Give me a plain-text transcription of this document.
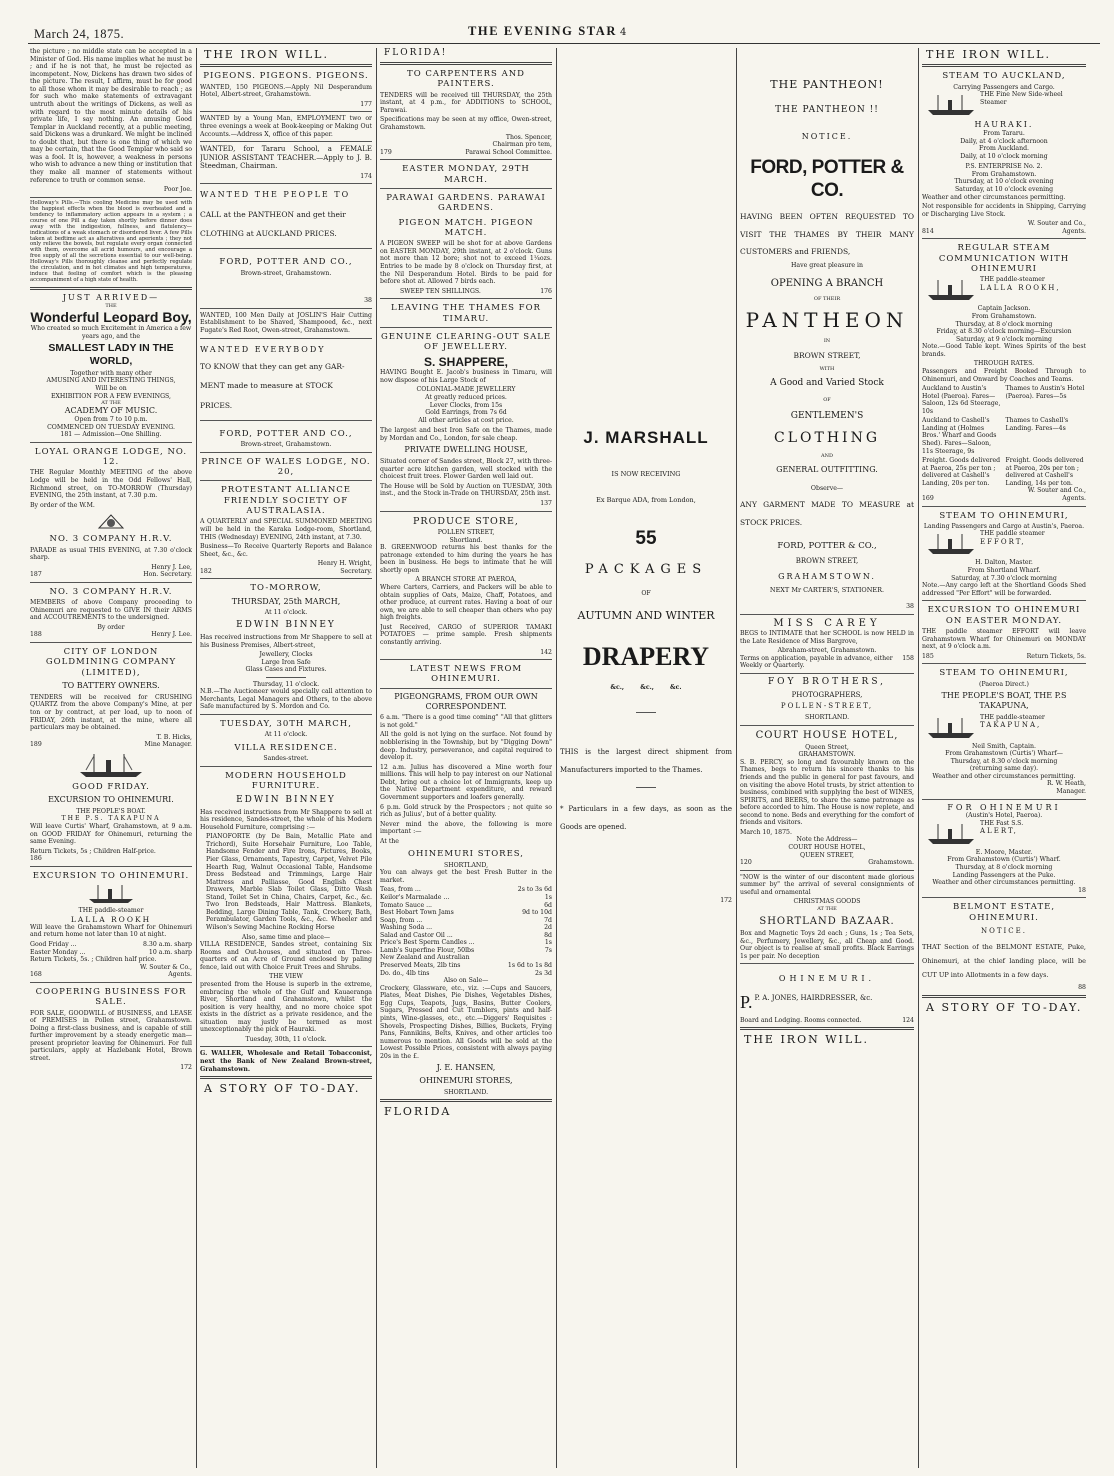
March 24, 1875.	THE EVENING STAR 4

the picture ; no middle state can be accepted in a Minister of God. His name implies what he must be ; and if he is not that, he must be rejected as incompetent. Now, Dickens has drawn two sides of the picture. The result, I affirm, must be for good to all those whom it may be desirable to reach ; as for such who make statements of extravagant untruth about the writings of Dickens, as well as with regard to the most minute details of his private life, I say nothing. An amusing Good Templar in Auckland recently, at a public meeting, said Dickens was a drunkard. We might be inclined to doubt that, but there is one thing of which we may be certain, that the Good Templar who said so was a fool. It is, however, a weakness in persons who wish to advance a new thing or institution that they make all manner of statements without reference to truth or common sense.

Poor Joe.

Holloway's Pills.—This cooling Medicine may be used with the happiest effects when the blood is overheated and a tendency to inflammatory action appears in a system ; a course of one Pill a day taken shortly before dinner does away with the indigestion, fullness, and flatulency—indications of a weak stomach or disordered liver. A few Pills taken at bedtime act as alteratives and aperients ; they not only relieve the bowels, but regulate every organ connected with them, overcome all acrid humours, and encourage a free supply of all the secretions essential to our well-being. Holloway's Pills thoroughly cleanse and perfectly regulate the circulation, and in hot climates and high temperatures, induce that feeling of comfort which is the pleasing accompaniment of a high state of health.

JUST ARRIVED—
THE
Wonderful Leopard Boy,
Who created so much Excitement in America a few years ago, and the
SMALLEST LADY IN THE WORLD,
Together with many other
AMUSING AND INTERESTING THINGS,
Will be on
EXHIBITION FOR A FEW EVENINGS,
AT THE
ACADEMY OF MUSIC.
Open from 7 to 10 p.m.
COMMENCED ON TUESDAY EVENING.
181 — Admission—One Shilling.
LOYAL ORANGE LODGE, NO. 12.

THE Regular Monthly MEETING of the above Lodge will be held in the Odd Fellows' Hall, Richmond street, on TO-MORROW (Thursday) EVENING, the 25th instant, at 7.30 p.m.

By order of the W.M.
NO. 3 COMPANY H.R.V.

PARADE as usual THIS EVENING, at 7.30 o'clock sharp.

Henry J. Lee,
187	Hon. Secretary.
NO. 3 COMPANY H.R.V.

MEMBERS of above Company proceeding to Ohinemuri are requested to GIVE IN their ARMS and ACCOUTREMENTS to the undersigned.

By order
188	Henry J. Lee.
CITY OF LONDON GOLDMINING COMPANY (LIMITED),
TO BATTERY OWNERS.

TENDERS will be received for CRUSHING QUARTZ from the above Company's Mine, at per ton or by contract, at per load, up to noon of FRIDAY, 26th instant, at the mine, where all particulars may be obtained.

T. B. Hicks,
189	Mine Manager.
GOOD FRIDAY.
EXCURSION TO OHINEMURI.
THE PEOPLE'S BOAT.
THE P.S. TAKAPUNA

Will leave Curtis' Wharf, Grahamstown, at 9 a.m. on GOOD FRIDAY for Ohinemuri, returning the same Evening.

Return Tickets, 5s ; Children Half-price.
186
EXCURSION TO OHINEMURI.
THE paddle-steamer
LALLA ROOKH

Will leave the Grahamstown Wharf for Ohinemuri and return home not later than 10 at night.

Good Friday ...	8.30 a.m. sharp
Easter Monday ...	10 a.m. sharp
Return Tickets, 5s. ; Children half price.
W. Souter & Co.,
168	Agents.
COOPERING BUSINESS FOR SALE.

FOR SALE, GOODWILL of BUSINESS, and LEASE of PREMISES in Pollen street, Grahamstown. Doing a first-class business, and is capable of still further improvement by a steady energetic man—present proprietor leaving for Ohinemuri. For full particulars, apply at Hazlebank Hotel, Brown street.

172
THE IRON WILL.
PIGEONS. PIGEONS. PIGEONS.

WANTED, 150 PIGEONS.—Apply Nil Desperandum Hotel, Albert-street, Grahamstown.

177

WANTED by a Young Man, EMPLOYMENT two or three evenings a week at Book-keeping or Making Out Accounts.—Address X, office of this paper.

WANTED, for Tararu School, a FEMALE JUNIOR ASSISTANT TEACHER.—Apply to J. B. Steedman, Chairman.

174
WANTED THE PEOPLE TO
CALL at the PANTHEON and get their
CLOTHING at AUCKLAND PRICES.
FORD, POTTER AND CO.,
Brown-street, Grahamstown.
38

WANTED, 100 Men Daily at JOSLIN'S Hair Cutting Establishment to be Shaved, Shampooed, &c., next Fugate's Red Root, Owen-street, Grahamstown.

WANTED EVERYBODY
TO KNOW that they can get any GAR-
MENT made to measure at STOCK
PRICES.
FORD, POTTER AND CO.,
Brown-street, Grahamstown.
PRINCE OF WALES LODGE, NO. 20,
PROTESTANT ALLIANCE FRIENDLY SOCIETY OF AUSTRALASIA.

A QUARTERLY and SPECIAL SUMMONED MEETING will be held in the Karaka Lodge-room, Shortland, THIS (Wednesday) EVENING, 24th instant, at 7.30.

Business—To Receive Quarterly Reports and Balance Sheet, &c., &c.

Henry H. Wright,
182	Secretary.
TO-MORROW,
THURSDAY, 25th MARCH,
At 11 o'clock.
EDWIN BINNEY

Has received instructions from Mr Shappere to sell at his Business Premises, Albert-street,

Jewellery, Clocks
Large Iron Safe
Glass Cases and Fixtures.
Thursday, 11 o'clock.

N.B.—The Auctioneer would specially call attention to Merchants, Legal Managers and Others, to the above Safe manufactured by S. Mordon and Co.

TUESDAY, 30TH MARCH,
At 11 o'clock.
VILLA RESIDENCE.
Sandes-street.
MODERN HOUSEHOLD FURNITURE.
EDWIN BINNEY

Has received instructions from Mr Shappere to sell at his residence, Sandes-street, the whole of his Modern Household Furniture, comprising :—

PIANOFORTE (by De Bain, Metallic Plate and Trichord), Suite Horsehair Furniture, Loo Table, Handsome Fender and Fire Irons, Pictures, Books, Pier Glass, Ornaments, Tapestry, Carpet, Velvet Pile Hearth Rug, Walnut Occasional Table, Handsome Dress Bedstead and Trimmings, Large Hair Mattress and Palliasse, Good English Chest Drawers, Marble Slab Toilet Glass, Ditto Wash Stand, Toilet Set in China, Chairs, Carpet, &c., &c. Two Iron Bedsteads, Hair Mattress. Blankets, Bedding, Large Dining Table, Tank, Crockery, Bath, Perambulator, Garden Tools, &c., &c. Wheeler and Wilson's Sewing Machine Rocking Horse

Also, same time and place—

VILLA RESIDENCE, Sandes street, containing Six Rooms and Out-houses, and situated on Three-quarters of an Acre of Ground enclosed by paling fence, laid out with Choice Fruit Trees and Shrubs.

THE VIEW

presented from the House is superb in the extreme, embracing the whole of the Gulf and Kauaeranga River, Shortland and Grahamstown, whilst the position is very healthy, and no more choice spot exists in the district as a private residence, and the situation may justly be termed as most unexceptionably the pick of Hauraki.

Tuesday, 30th, 11 o'clock.

G. WALLER, Wholesale and Retail Tobacconist, next the Bank of New Zealand Brown-street, Grahamstown.

A STORY OF TO-DAY.
FLORIDA!
TO CARPENTERS AND PAINTERS.

TENDERS will be received till THURSDAY, the 25th instant, at 4 p.m., for ADDITIONS to SCHOOL, Parawai.

Specifications may be seen at my office, Owen-street, Grahamstown.

Thos. Spencer,
Chairman pro tem,
179	Parawai School Committee.
EASTER MONDAY, 29TH MARCH.
PARAWAI GARDENS. PARAWAI GARDENS.
PIGEON MATCH. PIGEON MATCH.

A PIGEON SWEEP will be shot for at above Gardens on EASTER MONDAY, 29th instant, at 2 o'clock. Guns not more than 12 bore; shot not to exceed 1¼ozs. Entries to be made by 8 o'clock on Thursday first, at the Nil Desperandum Hotel. Birds to be paid for before shot at. Allowed 7 birds each.

SWEEP TEN SHILLINGS.	176
LEAVING THE THAMES FOR TIMARU.
GENUINE CLEARING-OUT SALE OF JEWELLERY.
S. SHAPPERE,

HAVING Bought E. Jacob's business in Timaru, will now dispose of his Large Stock of

COLONIAL-MADE JEWELLERY
At greatly reduced prices.
Lever Clocks, from 15s
Gold Earrings, from 7s 6d
All other articles at cost price.

The largest and best Iron Safe on the Thames, made by Mordan and Co., London, for sale cheap.

PRIVATE DWELLING HOUSE,

Situated corner of Sandes street, Block 27, with three-quarter acre kitchen garden, well stocked with the choicest fruit trees. Flower Garden well laid out.

The House will be Sold by Auction on TUESDAY, 30th inst., and the Stock in-Trade on THURSDAY, 25th inst.

137
PRODUCE STORE,
POLLEN STREET,
Shortland.

B. GREENWOOD returns his best thanks for the patronage extended to him during the years he has been in business. He begs to intimate that he will shortly open

A BRANCH STORE AT PAEROA,

Where Carters, Carriers, and Packers will be able to obtain supplies of Oats, Maize, Chaff, Potatoes, and other produce, at current rates. Having a boat of our own, we are able to sell cheaper than others who pay high freights.

Just Received, CARGO of SUPERIOR TAMAKI POTATOES — prime sample. Fresh shipments constantly arriving.

142
LATEST NEWS FROM OHINEMURI.
PIGEONGRAMS, FROM OUR OWN CORRESPONDENT.

6 a.m. "There is a good time coming" "All that glitters is not gold."

All the gold is not lying on the surface. Not found by nobblerising in the Township, but by "Digging Down" deep. Industry, perseverance, and capital required to develop it.

12 a.m. Julius has discovered a Mine worth four millions. This will help to pay interest on our National Debt, bring out a choice lot of Immigrants, keep up the Native Department expenditure, and reward Government supporters and loafers generally.

6 p.m. Gold struck by the Prospectors ; not quite so rich as Julius', but of a better quality.

Never mind the above, the following is more important :—

At the
OHINEMURI STORES,
SHORTLAND,

You can always get the best Fresh Butter in the market.

Teas, from ...	2s to 3s 6d
Keilor's Marmalade ...	1s
Tomato Sauce ...	6d
Best Hobart Town Jams	9d to 10d
Soap, from ...	7d
Washing Soda ...	2d
Salad and Castor Oil ...	8d
Price's Best Sperm Candles ...	1s
Lamb's Superfine Flour, 50lbs	7s
New Zealand and Australian
Preserved Meats, 2lb tins	1s 6d to 1s 8d
Do. do., 4lb tins	2s 3d
Also on Sale—

Crockery, Glassware, etc., viz. :—Cups and Saucers, Plates, Meat Dishes, Pie Dishes, Vegetables Dishes, Egg Cups, Teapots, Jugs, Basins, Butter Coolers, Sugars, Pressed and Cut Tumblers, pints and half-pints, Wine-glasses, etc., etc.—Diggers' Requisites : Shovels, Prospecting Dishes, Billies, Buckets, Frying Pans, Fannikins, Belts, Knives, and other articles too numerous to mention. All Goods will be sold at the Lowest Possible Prices, consistent with always paying 20s in the £.

J. E. HANSEN,
OHINEMURI STORES,
SHORTLAND.
FLORIDA
J. MARSHALL
IS NOW RECEIVING
Ex Barque ADA, from London,
55
PACKAGES
OF
AUTUMN AND WINTER
DRAPERY
&c., &c., &c.

THIS is the largest direct shipment from Manufacturers imported to the Thames.

* Particulars in a few days, as soon as the Goods are opened.

172
THE PANTHEON!
THE PANTHEON !!
NOTICE.
FORD, POTTER & CO.

HAVING BEEN OFTEN REQUESTED TO VISIT THE THAMES BY THEIR MANY CUSTOMERS and FRIENDS,

Have great pleasure in
OPENING A BRANCH
OF THEIR
PANTHEON
IN
BROWN STREET,
WITH
A Good and Varied Stock
OF
GENTLEMEN'S
CLOTHING
AND
GENERAL OUTFITTING.
Observe—

ANY GARMENT MADE TO MEASURE at STOCK PRICES.

FORD, POTTER & CO.,
BROWN STREET,
GRAHAMSTOWN.
NEXT Mr CARTER'S, STATIONER.
38
MISS CAREY

BEGS to INTIMATE that her SCHOOL is now HELD in the Late Residence of Miss Bargrove,

Abraham-street, Grahamstown.
Terms on application, payable in advance, either Weekly or Quarterly.
158
FOY BROTHERS,
PHOTOGRAPHERS,
POLLEN-STREET,
SHORTLAND.
COURT HOUSE HOTEL,
Queen Street,
GRAHAMSTOWN.

S. B. PERCY, so long and favourably known on the Thames, begs to return his sincere thanks to his friends and the public in general for past favours, and on visiting the above Hotel trusts, by strict attention to business, combined with supplying the best of WINES, SPIRITS, and BEERS, to share the same patronage as before accorded to him. The House is now replete, and second to none. Beds and everything for the comfort of friends and visitors.

March 10, 1875.
Note the Address—
COURT HOUSE HOTEL,
QUEEN STREET,
120	Grahamstown.

"NOW is the winter of our discontent made glorious summer by" the arrival of several consignments of useful and ornamental

CHRISTMAS GOODS
AT THE
SHORTLAND BAZAAR.

Box and Magnetic Toys 2d each ; Guns, 1s ; Tea Sets, &c., Perfumery, Jewellery, &c., all Cheap and Good. Our object is to realise at small profits. Black Earrings 1s per pair. No deception

OHINEMURI.
P. P. A. JONES, HAIRDRESSER, &c.
Board and Lodging. Rooms connected.	124
THE IRON WILL.
THE IRON WILL.
STEAM TO AUCKLAND,
Carrying Passengers and Cargo.
THE Fine New Side-wheel Steamer
HAURAKI.
From Tararu.
Daily, at 4 o'clock afternoon
From Auckland.
Daily, at 10 o'clock morning
P.S. ENTERPRISE No. 2.
From Grahamstown.
Thursday, at 10 o'clock evening
Saturday, at 10 o'clock evening

Weather and other circumstances permitting.

Not responsible for accidents in Shipping, Carrying or Discharging Live Stock.

W. Souter and Co.,
814	Agents.
REGULAR STEAM COMMUNICATION WITH OHINEMURI
THE paddle-steamer
LALLA ROOKH,
Captain Jackson.
From Grahamstown.
Thursday, at 8 o'clock morning
Friday, at 8.30 o'clock morning—Excursion
Saturday, at 9 o'clock morning

Note.—Good Table kept. Wines Spirits of the best brands.

THROUGH RATES.

Passengers and Freight Booked Through to Ohinemuri, and Onward by Coaches and Teams.

Auckland to Austin's Hotel (Paeroa). Fares—Saloon, 12s 6d Steerage, 10s
Thames to Austin's Hotel (Paeroa). Fares—5s
Auckland to Cashell's Landing at (Holmes Bros.' Wharf and Goods Shed). Fares—Saloon, 11s Steerage, 9s
Thames to Cashell's Landing. Fares—4s
Freight. Goods delivered at Paeroa, 25s per ton ; delivered at Cashell's Landing, 20s per ton.
Freight. Goods delivered at Paeroa, 20s per ton ; delivered at Cashell's Landing, 14s per ton.
W. Souter and Co.,
169	Agents.
STEAM TO OHINEMURI,
Landing Passengers and Cargo at Austin's, Paeroa.
THE paddle steamer
EFFORT,
H. Dalton, Master.
From Shortland Wharf.
Saturday, at 7.30 o'clock morning

Note.—Any cargo left at the Shortland Goods Shed addressed "Per Effort" will be forwarded.

EXCURSION TO OHINEMURI ON EASTER MONDAY.

THE paddle steamer EFFORT will leave Grahamstown Wharf for Ohinemuri on MONDAY next, at 9 o'clock a.m.

185	Return Tickets, 5s.
STEAM TO OHINEMURI,
(Paeroa Direct.)
THE PEOPLE'S BOAT, THE P.S TAKAPUNA,
THE paddle-steamer
TAKAPUNA,
Neil Smith, Captain.
From Grahamstown (Curtis') Wharf—
Thursday, at 8.30 o'clock morning
(returning same day).
Weather and other circumstances permitting.
R. W. Heath,
Manager.
FOR OHINEMURI
(Austin's Hotel, Paeroa).
THE Fast S.S.
ALERT,
E. Moore, Master.
From Grahamstown (Curtis') Wharf.
Thursday, at 8 o'clock morning
Landing Passengers at the Puke.
Weather and other circumstances permitting.
18
BELMONT ESTATE, OHINEMURI.
NOTICE.

THAT Section of the BELMONT ESTATE, Puke, Ohinemuri, at the chief landing place, will be CUT UP into Allotments in a few days.

88
A STORY OF TO-DAY.
